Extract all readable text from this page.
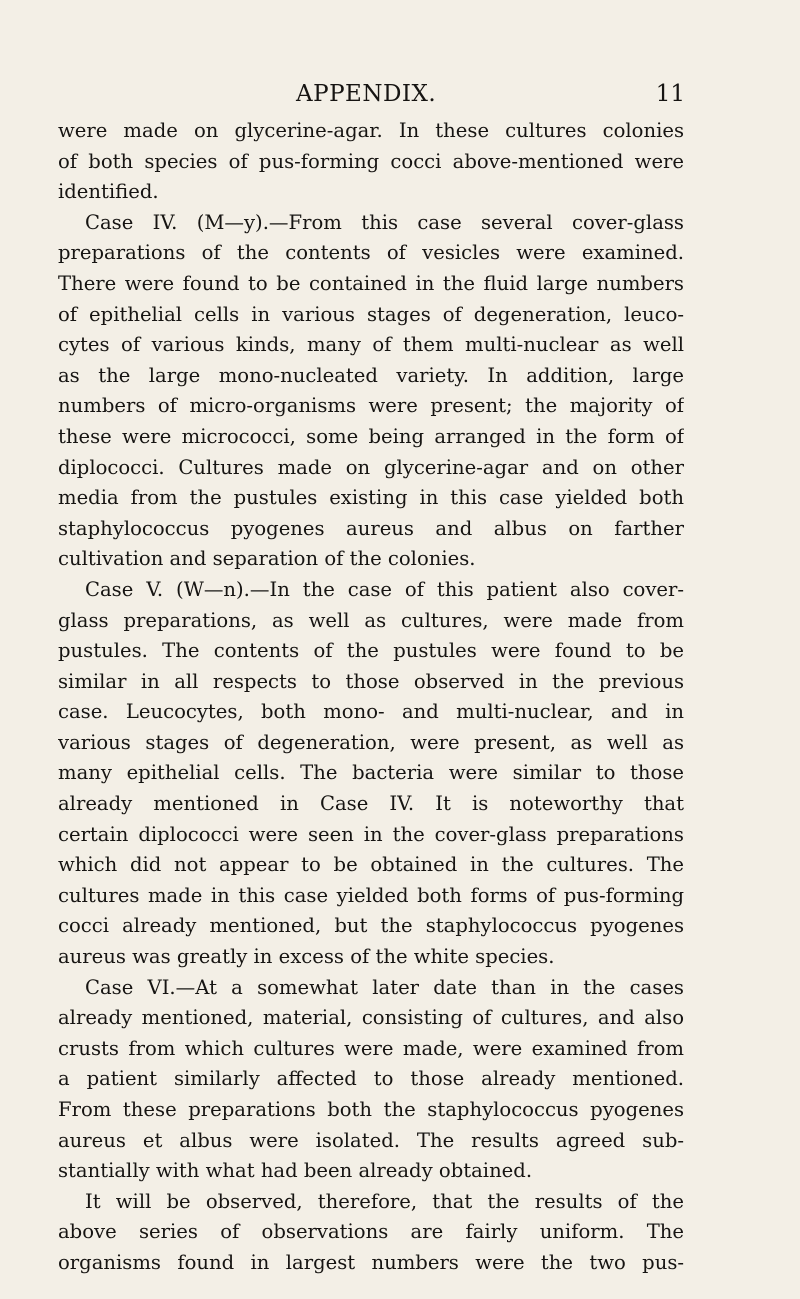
APPENDIX.	11
were made on glycerine-agar. In these cultures colonies
of both species of pus-forming cocci above-mentioned were
identified.
Case IV. (M—y).—From this case several cover-glass
preparations of the contents of vesicles were examined.
There were found to be contained in the fluid large numbers
of epithelial cells in various stages of degeneration, leuco-
cytes of various kinds, many of them multi-nuclear as well
as the large mono-nucleated variety. In addition, large
numbers of micro-organisms were present; the majority of
these were micrococci, some being arranged in the form of
diplococci. Cultures made on glycerine-agar and on other
media from the pustules existing in this case yielded both
staphylococcus pyogenes aureus and albus on farther
cultivation and separation of the colonies.
Case V. (W—n).—In the case of this patient also cover-
glass preparations, as well as cultures, were made from
pustules. The contents of the pustules were found to be
similar in all respects to those observed in the previous
case. Leucocytes, both mono- and multi-nuclear, and in
various stages of degeneration, were present, as well as
many epithelial cells. The bacteria were similar to those
already mentioned in Case IV. It is noteworthy that
certain diplococci were seen in the cover-glass preparations
which did not appear to be obtained in the cultures. The
cultures made in this case yielded both forms of pus-forming
cocci already mentioned, but the staphylococcus pyogenes
aureus was greatly in excess of the white species.
Case VI.—At a somewhat later date than in the cases
already mentioned, material, consisting of cultures, and also
crusts from which cultures were made, were examined from
a patient similarly affected to those already mentioned.
From these preparations both the staphylococcus pyogenes
aureus et albus were isolated. The results agreed sub-
stantially with what had been already obtained.
It will be observed, therefore, that the results of the
above series of observations are fairly uniform. The
organisms found in largest numbers were the two pus-
